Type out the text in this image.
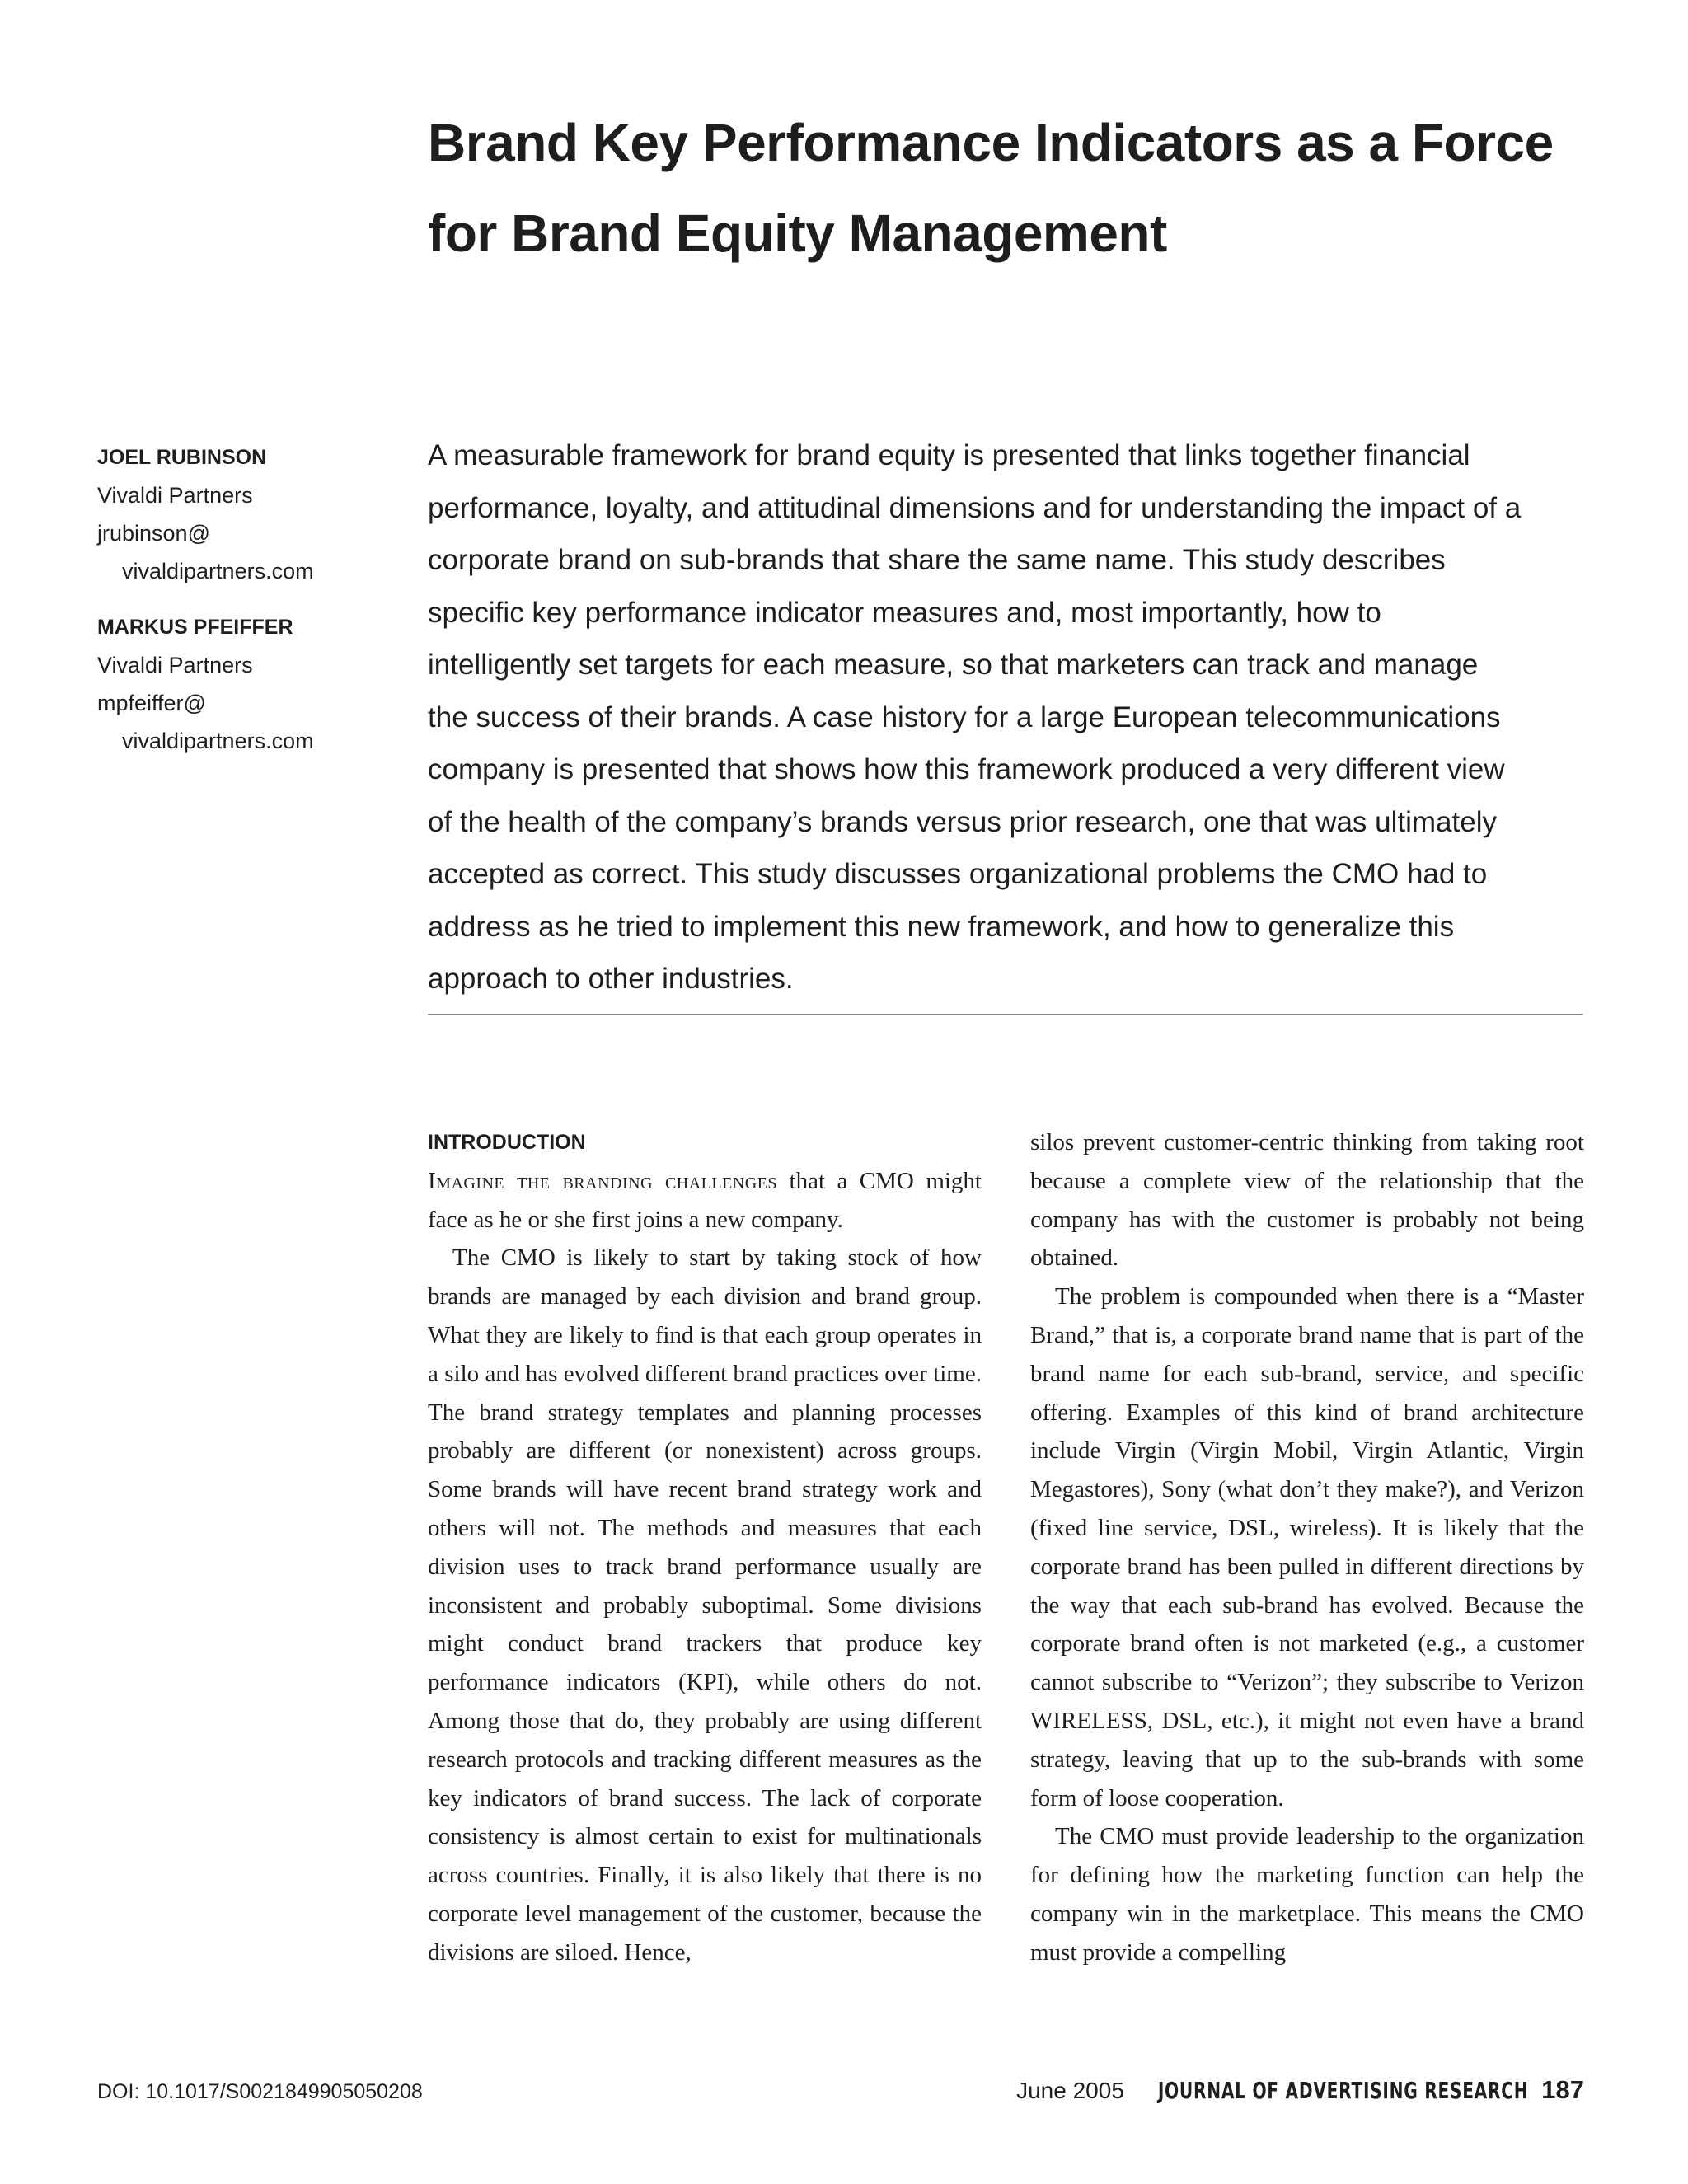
Brand Key Performance Indicators as a Force
for Brand Equity Management
JOEL RUBINSON
Vivaldi Partners
jrubinson@
vivaldipartners.com
MARKUS PFEIFFER
Vivaldi Partners
mpfeiffer@
vivaldipartners.com
A measurable framework for brand equity is presented that links together financial
performance, loyalty, and attitudinal dimensions and for understanding the impact of a
corporate brand on sub-brands that share the same name. This study describes
specific key performance indicator measures and, most importantly, how to
intelligently set targets for each measure, so that marketers can track and manage
the success of their brands. A case history for a large European telecommunications
company is presented that shows how this framework produced a very different view
of the health of the company’s brands versus prior research, one that was ultimately
accepted as correct. This study discusses organizational problems the CMO had to
address as he tried to implement this new framework, and how to generalize this
approach to other industries.
INTRODUCTION

Imagine the branding challenges that a CMO might face as he or she first joins a new company.

The CMO is likely to start by taking stock of how brands are managed by each division and brand group. What they are likely to find is that each group operates in a silo and has evolved different brand practices over time. The brand strategy templates and planning processes probably are different (or nonexistent) across groups. Some brands will have recent brand strategy work and others will not. The methods and measures that each division uses to track brand performance usually are inconsistent and probably suboptimal. Some divisions might conduct brand trackers that produce key performance indicators (KPI), while others do not. Among those that do, they probably are using different research protocols and tracking different measures as the key indicators of brand success. The lack of corporate consistency is almost certain to exist for multinationals across countries. Finally, it is also likely that there is no corporate level management of the customer, because the divisions are siloed. Hence,

silos prevent customer-centric thinking from taking root because a complete view of the relationship that the company has with the customer is probably not being obtained.

The problem is compounded when there is a “Master Brand,” that is, a corporate brand name that is part of the brand name for each sub-brand, service, and specific offering. Examples of this kind of brand architecture include Virgin (Virgin Mobil, Virgin Atlantic, Virgin Megastores), Sony (what don’t they make?), and Verizon (fixed line service, DSL, wireless). It is likely that the corporate brand has been pulled in different directions by the way that each sub-brand has evolved. Because the corporate brand often is not marketed (e.g., a customer cannot subscribe to “Verizon”; they subscribe to Verizon WIRELESS, DSL, etc.), it might not even have a brand strategy, leaving that up to the sub-brands with some form of loose cooperation.

The CMO must provide leadership to the organization for defining how the marketing function can help the company win in the marketplace. This means the CMO must provide a compelling

DOI: 10.1017/S0021849905050208	June 2005 JOURNAL OF ADVERTISING RESEARCH 187
